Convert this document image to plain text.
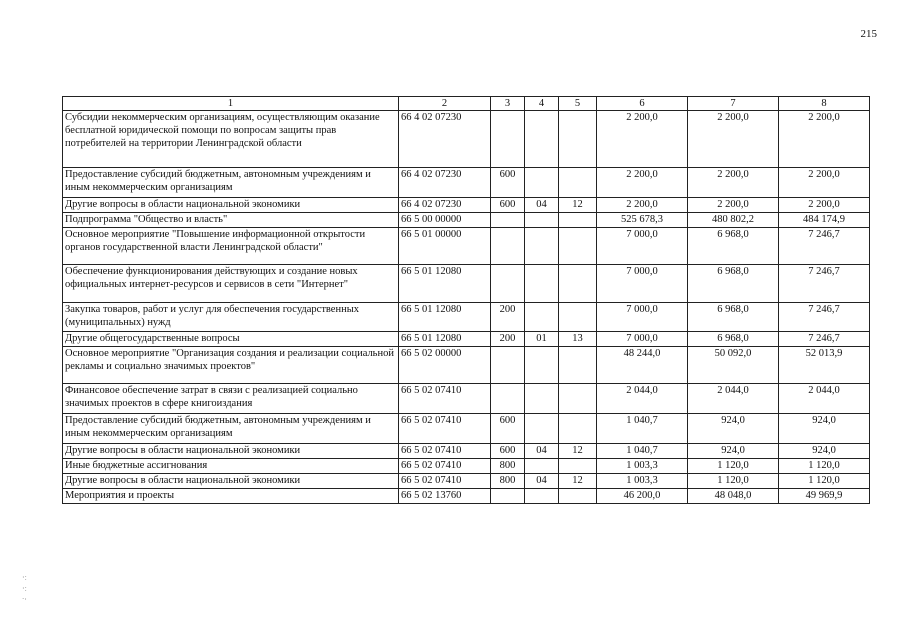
215
1	2	3	4	5	6	7	8
Субсидии некоммерческим организациям, осуществляющим оказание бесплатной юридической помощи по вопросам защиты прав потребителей на территории Ленинградской области	66 4 02 07230				2 200,0	2 200,0	2 200,0
Предоставление субсидий бюджетным, автономным учреждениям и иным некоммерческим организациям	66 4 02 07230	600			2 200,0	2 200,0	2 200,0
Другие вопросы в области национальной экономики	66 4 02 07230	600	04	12	2 200,0	2 200,0	2 200,0
Подпрограмма "Общество и власть"	66 5 00 00000				525 678,3	480 802,2	484 174,9
Основное мероприятие "Повышение информационной открытости органов государственной власти Ленинградской области"	66 5 01 00000				7 000,0	6 968,0	7 246,7
Обеспечение функционирования действующих и создание новых официальных интернет-ресурсов и сервисов в сети "Интернет"	66 5 01 12080				7 000,0	6 968,0	7 246,7
Закупка товаров, работ и услуг для обеспечения государственных (муниципальных) нужд	66 5 01 12080	200			7 000,0	6 968,0	7 246,7
Другие общегосударственные вопросы	66 5 01 12080	200	01	13	7 000,0	6 968,0	7 246,7
Основное мероприятие "Организация создания и реализации социальной рекламы и социально значимых проектов"	66 5 02 00000				48 244,0	50 092,0	52 013,9
Финансовое обеспечение затрат в связи с реализацией социально значимых проектов в сфере книгоиздания	66 5 02 07410				2 044,0	2 044,0	2 044,0
Предоставление субсидий бюджетным, автономным учреждениям и иным некоммерческим организациям	66 5 02 07410	600			1 040,7	924,0	924,0
Другие вопросы в области национальной экономики	66 5 02 07410	600	04	12	1 040,7	924,0	924,0
Иные бюджетные ассигнования	66 5 02 07410	800			1 003,3	1 120,0	1 120,0
Другие вопросы в области национальной экономики	66 5 02 07410	800	04	12	1 003,3	1 120,0	1 120,0
Мероприятия и проекты	66 5 02 13760				46 200,0	48 048,0	49 969,9
·ː
·ː
ˑ·
